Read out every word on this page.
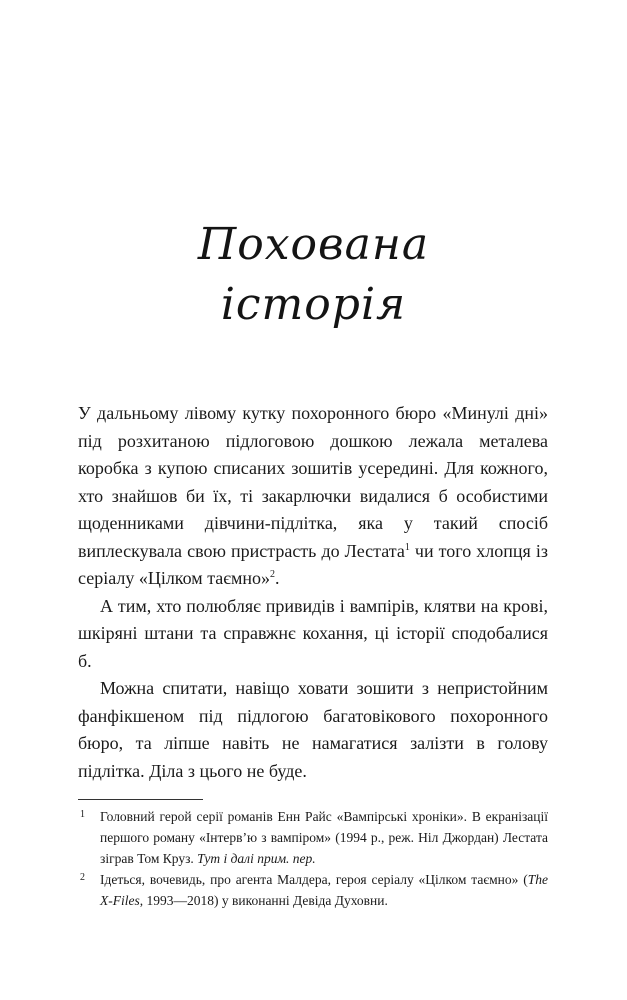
Похована
історія

У дальньому лівому кутку похоронного бюро «Минулі дні» під розхитаною підлоговою дошкою лежала металева коробка з купою списаних зошитів усередині. Для кожного, хто знайшов би їх, ті закарлючки видалися б особистими щоденниками дівчини-підлітка, яка у такий спосіб виплескувала свою пристрасть до Лестата$^1$ чи того хлопця із серіалу «Цілком таємно»$^2$.

А тим, хто полюбляє привидів і вампірів, клятви на крові, шкіряні штани та справжнє кохання, ці історії сподобалися б.

Можна спитати, навіщо ховати зошити з непристойним фанфікшеном під підлогою багатовікового похоронного бюро, та ліпше навіть не намагатися залізти в голову підлітка. Діла з цього не буде.

1 Головний герой серії романів Енн Райс «Вампірські хроніки». В екранізації першого роману «Інтерв’ю з вампіром» (1994 р., реж. Ніл Джордан) Лестата зіграв Том Круз. Тут і далі прим. пер.
2 Ідеться, вочевидь, про агента Малдера, героя серіалу «Цілком таємно» (The X-Files, 1993—2018) у виконанні Девіда Духовни.
